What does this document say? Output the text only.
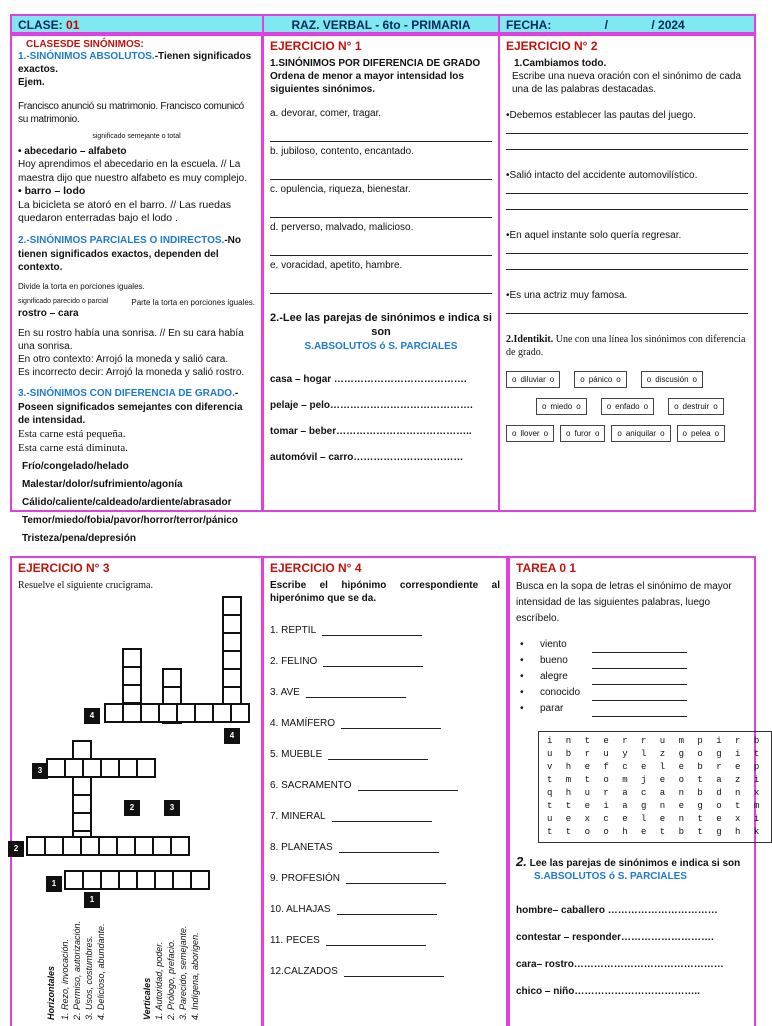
CLASE: 01	RAZ. VERBAL - 6to - PRIMARIA	FECHA:	/	/ 2024
CLASESDE SINÓNIMOS:

1.-SINÓNIMOS ABSOLUTOS.-Tienen significados exactos.

Ejem.

Francisco anunció su matrimonio. Francisco comunicó su matrimonio.

significado semejante o total

• abecedario – alfabeto

Hoy aprendimos el abecedario en la escuela. // La maestra dijo que nuestro alfabeto es muy complejo.

• barro – lodo

La bicicleta se atoró en el barro. // Las ruedas quedaron enterradas bajo el lodo .

2.-SINÓNIMOS PARCIALES O INDIRECTOS.-No tienen significados exactos, dependen del contexto.

Divide la torta en porciones iguales.

significado parecido o parcial	Parte la torta en porciones iguales.

rostro – cara

En su rostro había una sonrisa. // En su cara había una sonrisa.

En otro contexto: Arrojó la moneda y salió cara.

Es incorrecto decir: Arrojó la moneda y salió rostro.

3.-SINÓNIMOS CON DIFERENCIA DE GRADO.-Poseen significados semejantes con diferencia de intensidad.

Esta carne está pequeña.

Esta carne está diminuta.

Frío/congelado/helado
Malestar/dolor/sufrimiento/agonía
Cálido/caliente/caldeado/ardiente/abrasador
Temor/miedo/fobia/pavor/horror/terror/pánico
Tristeza/pena/depresión
EJERCICIO N° 1

1.SINÓNIMOS POR DIFERENCIA DE GRADO

Ordena de menor a mayor intensidad los siguientes sinónimos.

a. devorar, comer, tragar.

b. jubiloso, contento, encantado.

c. opulencia, riqueza, bienestar.

d. perverso, malvado, malicioso.

e. voracidad, apetito, hambre.

2.-Lee las parejas de sinónimos e indica si son

S.ABSOLUTOS ó S. PARCIALES

casa – hogar ………………………………….
pelaje – pelo…………………………………….
tomar – beber…………………………………..
automóvil – carro……………………………
EJERCICIO N° 2

1.Cambiamos todo.

Escribe una nueva oración con el sinónimo de cada una de las palabras destacadas.

•Debemos establecer las pautas del juego.

•Salió intacto del accidente automovilístico.

•En aquel instante solo quería regresar.

•Es una actriz muy famosa.

2.Identikit. Une con una línea los sinónimos con diferencia de grado.

o diluviar o	o pánico o	o discusión o
o miedo o	o enfado o	o destruir o
o llover o	o furor o	o aniquilar o	o pelea o
EJERCICIO N° 3

Resuelve el siguiente crucigrama.

4
3
2
1
4
2	3
1
Horizontales 1. Rezo, invocación. 2. Permiso, autorización. 3. Usos, costumbres. 4. Delicioso, abundante.	Verticales 1. Autoridad, poder. 2. Prólogo, prefacio. 3. Parecido, semejante. 4. Indígena, aborigen.
EJERCICIO N° 4

Escribe el hipónimo correspondiente al hiperónimo que se da.

1. REPTIL
2. FELINO
3. AVE
4. MAMÍFERO
5. MUEBLE
6. SACRAMENTO
7. MINERAL
8. PLANETAS
9. PROFESIÓN
10. ALHAJAS
11. PECES
12.CALZADOS
TAREA 0 1

Busca en la sopa de letras el sinónimo de mayor intensidad de las siguientes palabras, luego escríbelo.

•	viento
•	bueno
•	alegre
•	conocido
•	parar
i n t e r r u m p i r b
u b r u y l z g o g i t
v h e f c e l e b r e p
t m t o m j e o t a z i
q h u r a c a n b d n x
t t e i a g n e g o t m
u e x c e l e n t e x i
t t o o h e t b t g h k

2. Lee las parejas de sinónimos e indica si son

S.ABSOLUTOS ó S. PARCIALES

hombre– caballero ……………………………
contestar – responder……………………….
cara– rostro………………………………………
chico – niño………………………………..
